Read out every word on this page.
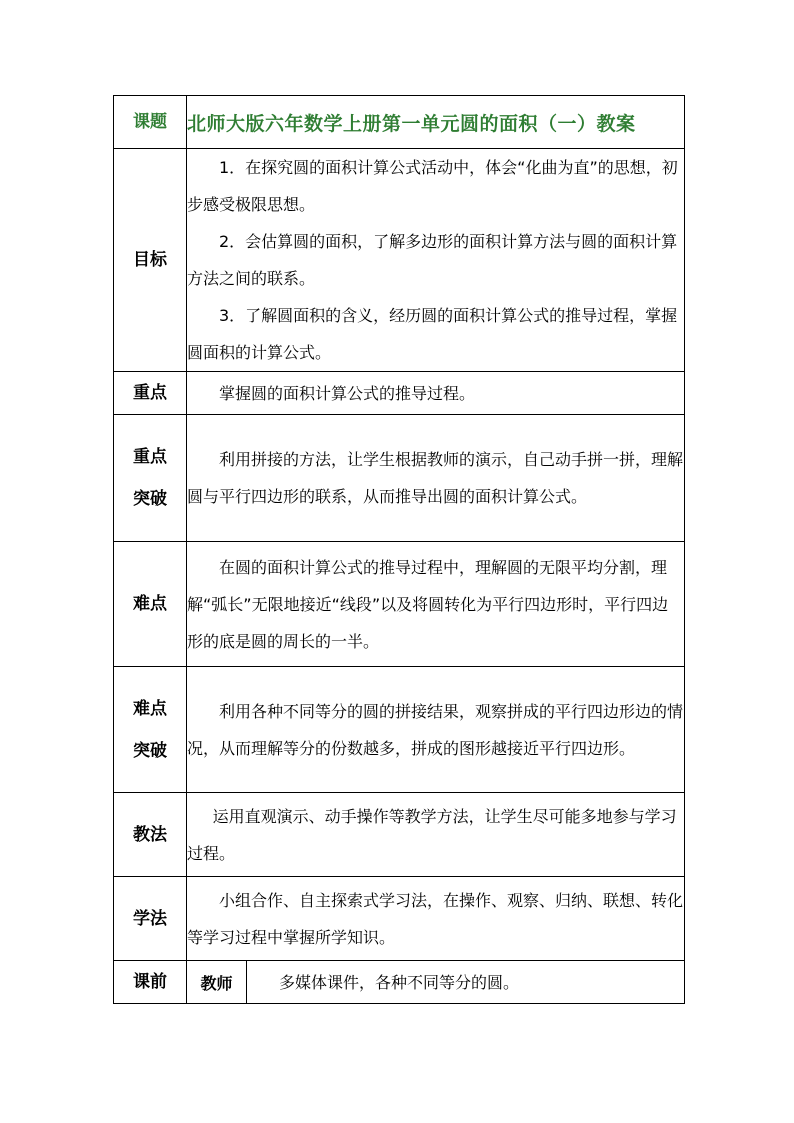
课题	北师大版六年数学上册第一单元圆的面积（一）教案	
目标	1．在探究圆的面积计算公式活动中，体会“化曲为直”的思想，初步感受极限思想。

2．会估算圆的面积，了解多边形的面积计算方法与圆的面积计算方法之间的联系。

3．了解圆面积的含义，经历圆的面积计算公式的推导过程，掌握圆面积的计算公式。	

重点	掌握圆的面积计算公式的推导过程。	

重点
突破	利用拼接的方法，让学生根据教师的演示，自己动手拼一拼，理解圆与平行四边形的联系，从而推导出圆的面积计算公式。	

难点	在圆的面积计算公式的推导过程中，理解圆的无限平均分割，理解“弧长”无限地接近“线段”以及将圆转化为平行四边形时，平行四边形的底是圆的周长的一半。	

难点
突破	利用各种不同等分的圆的拼接结果，观察拼成的平行四边形边的情况，从而理解等分的份数越多，拼成的图形越接近平行四边形。	

教法	运用直观演示、动手操作等教学方法，让学生尽可能多地参与学习过程。	

学法	小组合作、自主探索式学习法，在操作、观察、归纳、联想、转化等学习过程中掌握所学知识。	

课前	教师	多媒体课件，各种不同等分的圆。
